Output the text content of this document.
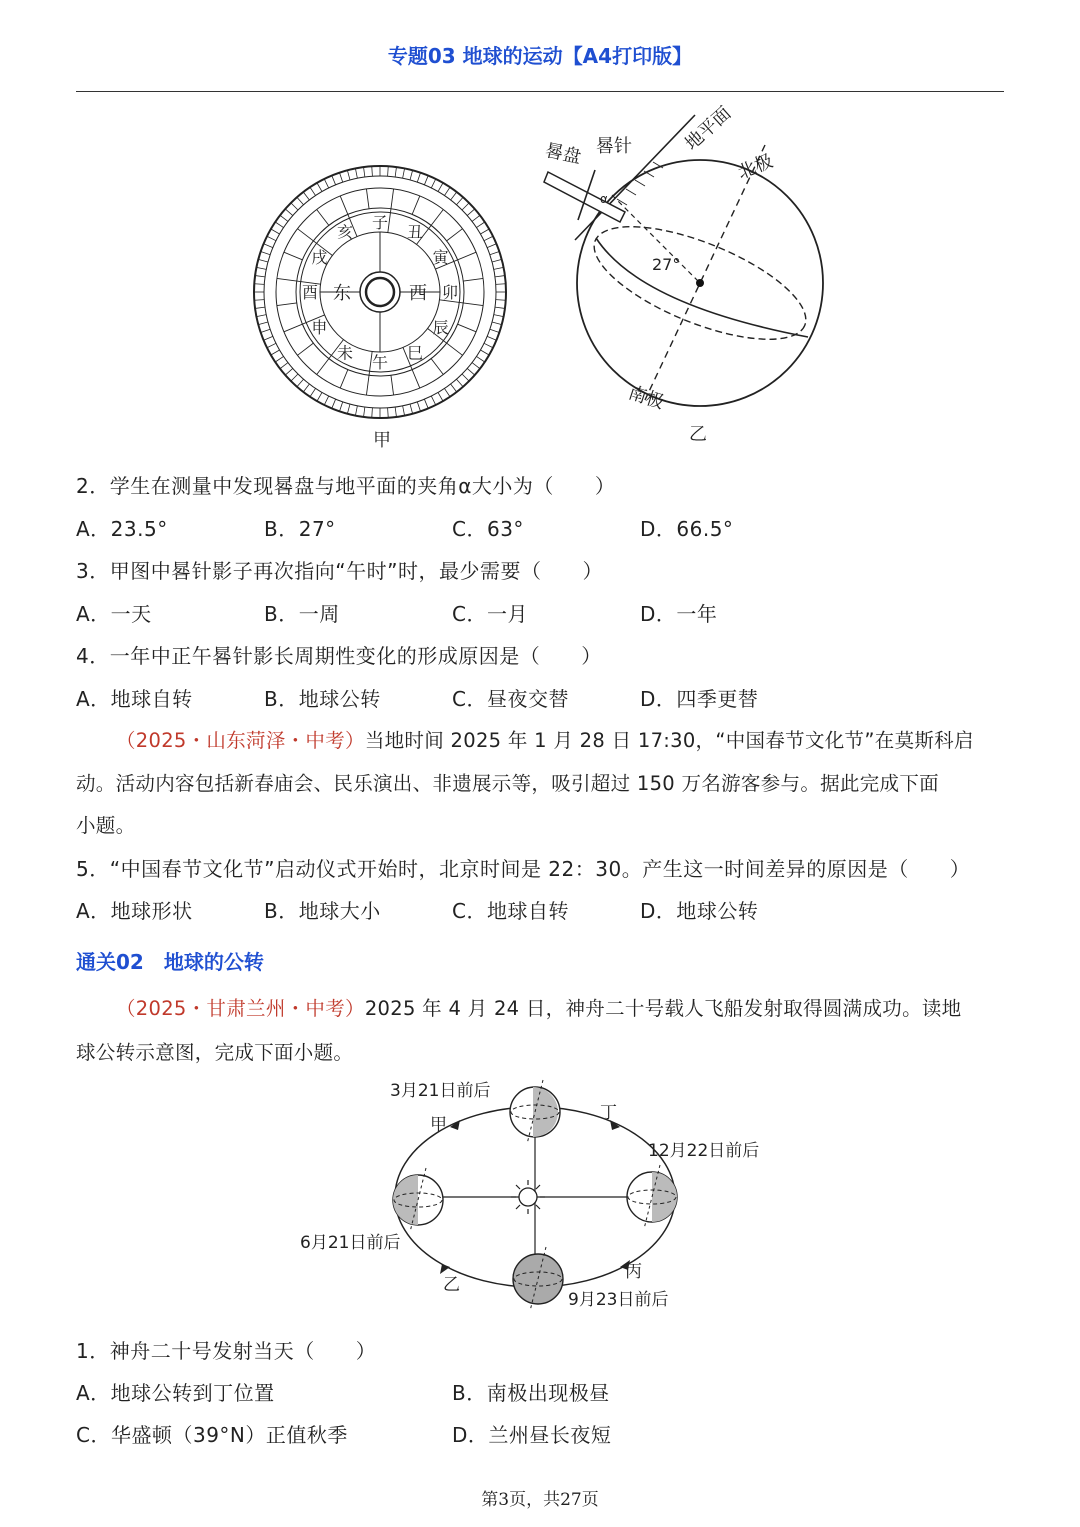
专题03 地球的运动【A4打印版】
子 丑
寅
卯
辰
巳
午
未
申
酉
戌
亥
东	西
甲
α
晷盘 晷针	地平面
北极
南极
27°
乙
2．学生在测量中发现晷盘与地平面的夹角α大小为（　　）
A．23.5°	B．27°	C．63°	D．66.5°
3．甲图中晷针影子再次指向“午时”时，最少需要（　　）
A．一天	B．一周	C．一月	D．一年
4．一年中正午晷针影长周期性变化的形成原因是（　　）
A．地球自转	B．地球公转	C．昼夜交替	D．四季更替
（2025・山东菏泽・中考）当地时间 2025 年 1 月 28 日 17:30，“中国春节文化节”在莫斯科启
动。活动内容包括新春庙会、民乐演出、非遗展示等，吸引超过 150 万名游客参与。据此完成下面
小题。
5．“中国春节文化节”启动仪式开始时，北京时间是 22：30。产生这一时间差异的原因是（　　）
A．地球形状	B．地球大小	C．地球自转	D．地球公转
通关02　地球的公转
（2025・甘肃兰州・中考）2025 年 4 月 24 日，神舟二十号载人飞船发射取得圆满成功。读地
球公转示意图，完成下面小题。
3月21日前后
12月22日前后
6月21日前后
9月23日前后
甲
丁
乙
丙
1．神舟二十号发射当天（　　）
A．地球公转到丁位置	B．南极出现极昼
C．华盛顿（39°N）正值秋季	D．兰州昼长夜短
第3页，共27页
